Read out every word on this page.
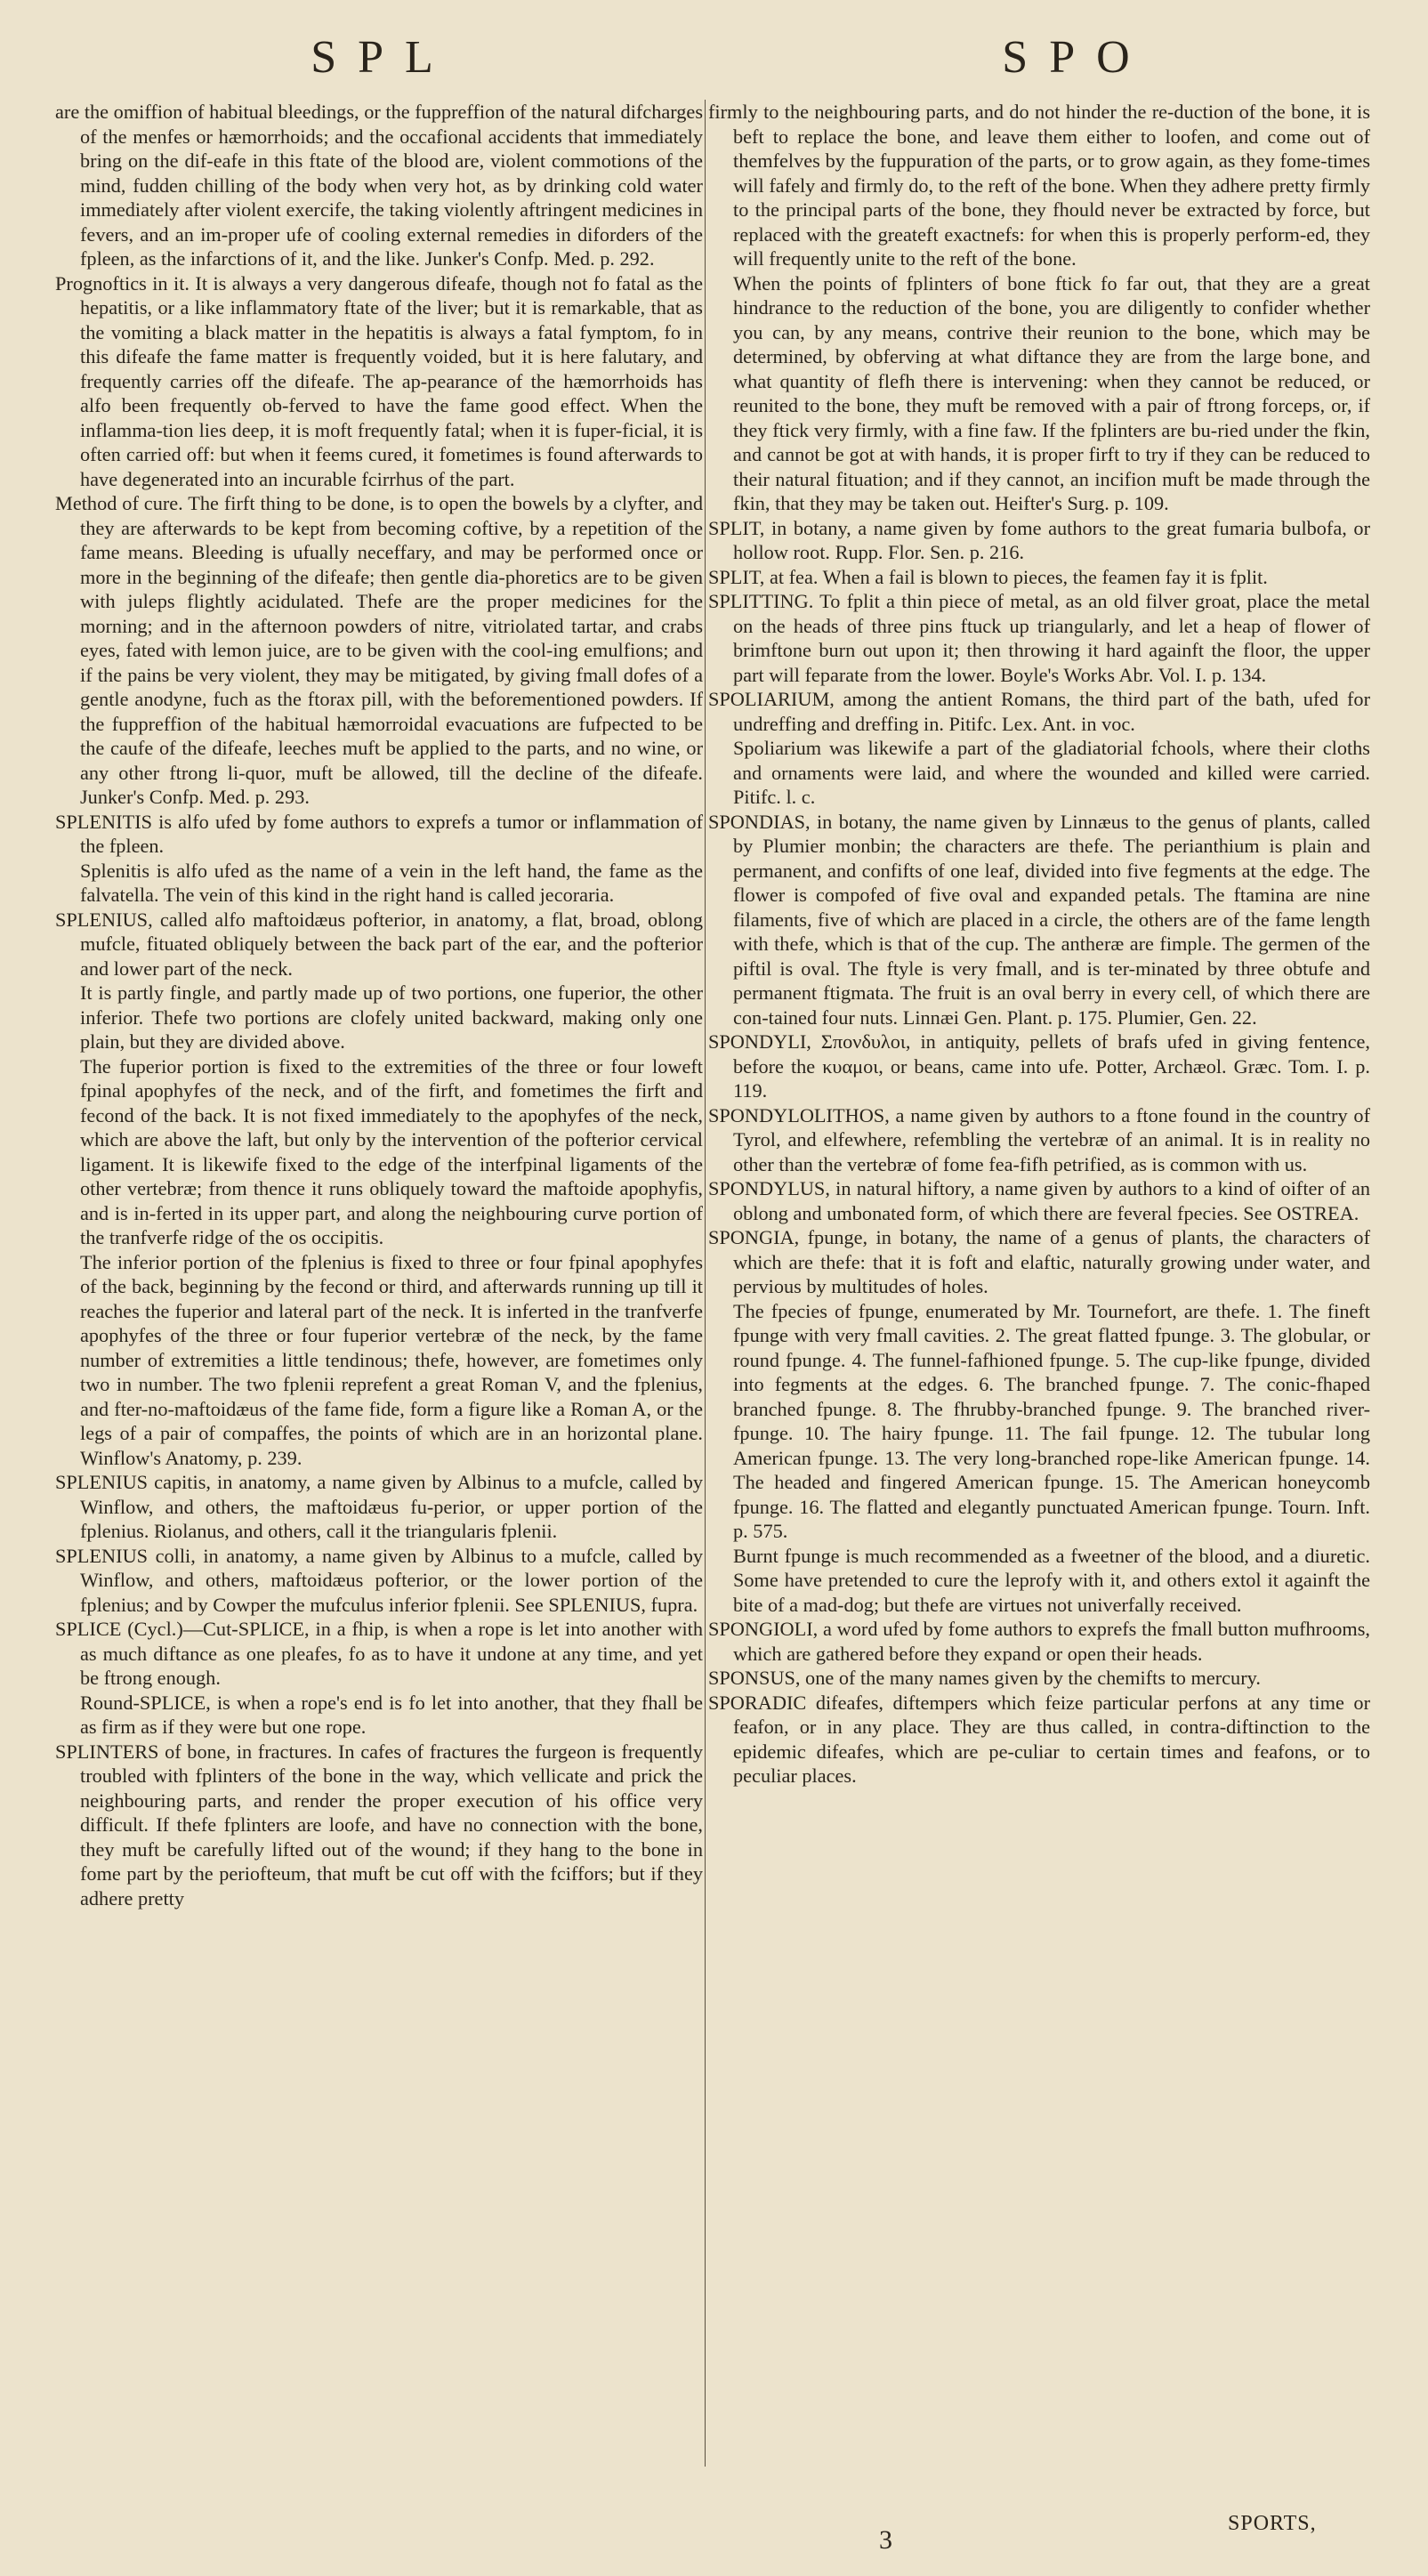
SPL	SPO

are the omiffion of habitual bleedings, or the fuppreffion of the natural difcharges of the menfes or hæmorrhoids; and the occafional accidents that immediately bring on the dif-eafe in this ftate of the blood are, violent commotions of the mind, fudden chilling of the body when very hot, as by drinking cold water immediately after violent exercife, the taking violently aftringent medicines in fevers, and an im-proper ufe of cooling external remedies in diforders of the fpleen, as the infarctions of it, and the like. Junker's Confp. Med. p. 292.

Prognoftics in it. It is always a very dangerous difeafe, though not fo fatal as the hepatitis, or a like inflammatory ftate of the liver; but it is remarkable, that as the vomiting a black matter in the hepatitis is always a fatal fymptom, fo in this difeafe the fame matter is frequently voided, but it is here falutary, and frequently carries off the difeafe. The ap-pearance of the hæmorrhoids has alfo been frequently ob-ferved to have the fame good effect. When the inflamma-tion lies deep, it is moft frequently fatal; when it is fuper-ficial, it is often carried off: but when it feems cured, it fometimes is found afterwards to have degenerated into an incurable fcirrhus of the part.

Method of cure. The firft thing to be done, is to open the bowels by a clyfter, and they are afterwards to be kept from becoming coftive, by a repetition of the fame means. Bleeding is ufually neceffary, and may be performed once or more in the beginning of the difeafe; then gentle dia-phoretics are to be given with juleps flightly acidulated. Thefe are the proper medicines for the morning; and in the afternoon powders of nitre, vitriolated tartar, and crabs eyes, fated with lemon juice, are to be given with the cool-ing emulfions; and if the pains be very violent, they may be mitigated, by giving fmall dofes of a gentle anodyne, fuch as the ftorax pill, with the beforementioned powders. If the fuppreffion of the habitual hæmorroidal evacuations are fufpected to be the caufe of the difeafe, leeches muft be applied to the parts, and no wine, or any other ftrong li-quor, muft be allowed, till the decline of the difeafe. Junker's Confp. Med. p. 293.

SPLENITIS is alfo ufed by fome authors to exprefs a tumor or inflammation of the fpleen.

Splenitis is alfo ufed as the name of a vein in the left hand, the fame as the falvatella. The vein of this kind in the right hand is called jecoraria.

SPLENIUS, called alfo maftoidæus pofterior, in anatomy, a flat, broad, oblong mufcle, fituated obliquely between the back part of the ear, and the pofterior and lower part of the neck.

It is partly fingle, and partly made up of two portions, one fuperior, the other inferior. Thefe two portions are clofely united backward, making only one plain, but they are divided above.

The fuperior portion is fixed to the extremities of the three or four loweft fpinal apophyfes of the neck, and of the firft, and fometimes the firft and fecond of the back. It is not fixed immediately to the apophyfes of the neck, which are above the laft, but only by the intervention of the pofterior cervical ligament. It is likewife fixed to the edge of the interfpinal ligaments of the other vertebræ; from thence it runs obliquely toward the maftoide apophyfis, and is in-ferted in its upper part, and along the neighbouring curve portion of the tranfverfe ridge of the os occipitis.

The inferior portion of the fplenius is fixed to three or four fpinal apophyfes of the back, beginning by the fecond or third, and afterwards running up till it reaches the fuperior and lateral part of the neck. It is inferted in the tranfverfe apophyfes of the three or four fuperior vertebræ of the neck, by the fame number of extremities a little tendinous; thefe, however, are fometimes only two in number. The two fplenii reprefent a great Roman V, and the fplenius, and fter-no-maftoidæus of the fame fide, form a figure like a Roman A, or the legs of a pair of compaffes, the points of which are in an horizontal plane. Winflow's Anatomy, p. 239.

SPLENIUS capitis, in anatomy, a name given by Albinus to a mufcle, called by Winflow, and others, the maftoidæus fu-perior, or upper portion of the fplenius. Riolanus, and others, call it the triangularis fplenii.

SPLENIUS colli, in anatomy, a name given by Albinus to a mufcle, called by Winflow, and others, maftoidæus pofterior, or the lower portion of the fplenius; and by Cowper the mufculus inferior fplenii. See SPLENIUS, fupra.

SPLICE (Cycl.)—Cut-SPLICE, in a fhip, is when a rope is let into another with as much diftance as one pleafes, fo as to have it undone at any time, and yet be ftrong enough.

Round-SPLICE, is when a rope's end is fo let into another, that they fhall be as firm as if they were but one rope.

SPLINTERS of bone, in fractures. In cafes of fractures the furgeon is frequently troubled with fplinters of the bone in the way, which vellicate and prick the neighbouring parts, and render the proper execution of his office very difficult. If thefe fplinters are loofe, and have no connection with the bone, they muft be carefully lifted out of the wound; if they hang to the bone in fome part by the periofteum, that muft be cut off with the fciffors; but if they adhere pretty

firmly to the neighbouring parts, and do not hinder the re-duction of the bone, it is beft to replace the bone, and leave them either to loofen, and come out of themfelves by the fuppuration of the parts, or to grow again, as they fome-times will fafely and firmly do, to the reft of the bone. When they adhere pretty firmly to the principal parts of the bone, they fhould never be extracted by force, but replaced with the greateft exactnefs: for when this is properly perform-ed, they will frequently unite to the reft of the bone.

When the points of fplinters of bone ftick fo far out, that they are a great hindrance to the reduction of the bone, you are diligently to confider whether you can, by any means, contrive their reunion to the bone, which may be determined, by obferving at what diftance they are from the large bone, and what quantity of flefh there is intervening: when they cannot be reduced, or reunited to the bone, they muft be removed with a pair of ftrong forceps, or, if they ftick very firmly, with a fine faw. If the fplinters are bu-ried under the fkin, and cannot be got at with hands, it is proper firft to try if they can be reduced to their natural fituation; and if they cannot, an incifion muft be made through the fkin, that they may be taken out. Heifter's Surg. p. 109.

SPLIT, in botany, a name given by fome authors to the great fumaria bulbofa, or hollow root. Rupp. Flor. Sen. p. 216.

SPLIT, at fea. When a fail is blown to pieces, the feamen fay it is fplit.

SPLITTING. To fplit a thin piece of metal, as an old filver groat, place the metal on the heads of three pins ftuck up triangularly, and let a heap of flower of brimftone burn out upon it; then throwing it hard againft the floor, the upper part will feparate from the lower. Boyle's Works Abr. Vol. I. p. 134.

SPOLIARIUM, among the antient Romans, the third part of the bath, ufed for undreffing and dreffing in. Pitifc. Lex. Ant. in voc.

Spoliarium was likewife a part of the gladiatorial fchools, where their cloths and ornaments were laid, and where the wounded and killed were carried. Pitifc. l. c.

SPONDIAS, in botany, the name given by Linnæus to the genus of plants, called by Plumier monbin; the characters are thefe. The perianthium is plain and permanent, and confifts of one leaf, divided into five fegments at the edge. The flower is compofed of five oval and expanded petals. The ftamina are nine filaments, five of which are placed in a circle, the others are of the fame length with thefe, which is that of the cup. The antheræ are fimple. The germen of the piftil is oval. The ftyle is very fmall, and is ter-minated by three obtufe and permanent ftigmata. The fruit is an oval berry in every cell, of which there are con-tained four nuts. Linnæi Gen. Plant. p. 175. Plumier, Gen. 22.

SPONDYLI, Σπονδυλοι, in antiquity, pellets of brafs ufed in giving fentence, before the κυαμοι, or beans, came into ufe. Potter, Archæol. Græc. Tom. I. p. 119.

SPONDYLOLITHOS, a name given by authors to a ftone found in the country of Tyrol, and elfewhere, refembling the vertebræ of an animal. It is in reality no other than the vertebræ of fome fea-fifh petrified, as is common with us.

SPONDYLUS, in natural hiftory, a name given by authors to a kind of oifter of an oblong and umbonated form, of which there are feveral fpecies. See OSTREA.

SPONGIA, fpunge, in botany, the name of a genus of plants, the characters of which are thefe: that it is foft and elaftic, naturally growing under water, and pervious by multitudes of holes.

The fpecies of fpunge, enumerated by Mr. Tournefort, are thefe. 1. The fineft fpunge with very fmall cavities. 2. The great flatted fpunge. 3. The globular, or round fpunge. 4. The funnel-fafhioned fpunge. 5. The cup-like fpunge, divided into fegments at the edges. 6. The branched fpunge. 7. The conic-fhaped branched fpunge. 8. The fhrubby-branched fpunge. 9. The branched river-fpunge. 10. The hairy fpunge. 11. The fail fpunge. 12. The tubular long American fpunge. 13. The very long-branched rope-like American fpunge. 14. The headed and fingered American fpunge. 15. The American honeycomb fpunge. 16. The flatted and elegantly punctuated American fpunge. Tourn. Inft. p. 575.

Burnt fpunge is much recommended as a fweetner of the blood, and a diuretic. Some have pretended to cure the leprofy with it, and others extol it againft the bite of a mad-dog; but thefe are virtues not univerfally received.

SPONGIOLI, a word ufed by fome authors to exprefs the fmall button mufhrooms, which are gathered before they expand or open their heads.

SPONSUS, one of the many names given by the chemifts to mercury.

SPORADIC difeafes, diftempers which feize particular perfons at any time or feafon, or in any place. They are thus called, in contra-diftinction to the epidemic difeafes, which are pe-culiar to certain times and feafons, or to peculiar places.

3
SPORTS,
